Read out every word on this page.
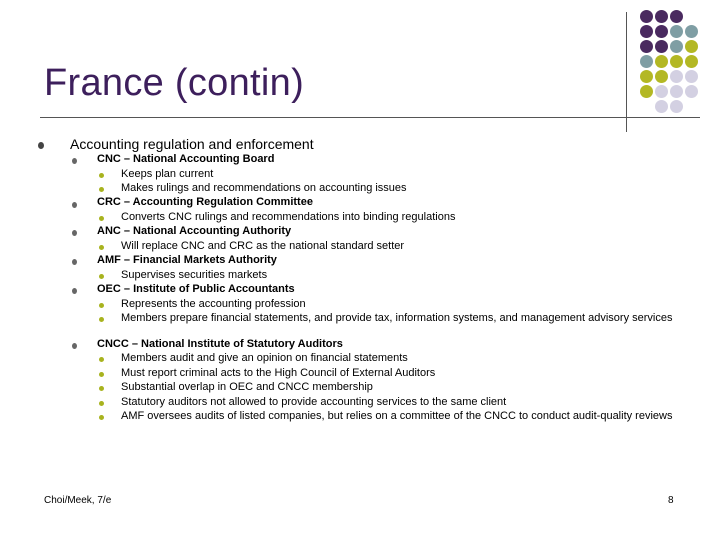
France (contin)
Accounting regulation and enforcement
CNC – National Accounting Board
Keeps plan current
Makes rulings and recommendations on accounting issues
CRC – Accounting Regulation Committee
Converts CNC rulings and recommendations into binding regulations
ANC – National Accounting Authority
Will replace CNC and CRC as the national standard setter
AMF – Financial Markets Authority
Supervises securities markets
OEC – Institute of Public Accountants
Represents the accounting profession
Members prepare financial statements, and provide tax, information systems, and management advisory services
CNCC – National Institute of Statutory Auditors
Members audit and give an opinion on financial statements
Must report criminal acts to the High Council of External Auditors
Substantial overlap in OEC and CNCC membership
Statutory auditors not allowed to provide accounting services to the same client
AMF oversees audits of listed companies, but relies on a committee of the CNCC to conduct audit-quality reviews
Choi/Meek, 7/e	8
